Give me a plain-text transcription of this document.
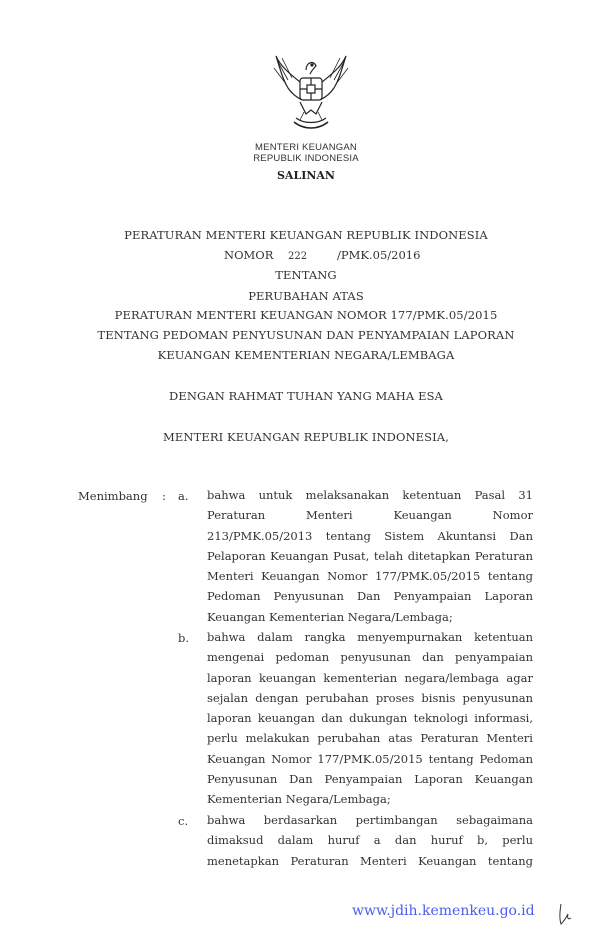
MENTERI KEUANGAN
REPUBLIK INDONESIA
SALINAN
PERATURAN MENTERI KEUANGAN REPUBLIK INDONESIA
NOMOR 222	/PMK.05/2016
TENTANG
PERUBAHAN ATAS
PERATURAN MENTERI KEUANGAN NOMOR 177/PMK.05/2015
TENTANG PEDOMAN PENYUSUNAN DAN PENYAMPAIAN LAPORAN
KEUANGAN KEMENTERIAN NEGARA/LEMBAGA
DENGAN RAHMAT TUHAN YANG MAHA ESA
MENTERI KEUANGAN REPUBLIK INDONESIA,
Menimbang : a. bahwa untuk melaksanakan ketentuan Pasal 31
Peraturan Menteri Keuangan Nomor
213/PMK.05/2013 tentang Sistem Akuntansi Dan
Pelaporan Keuangan Pusat, telah ditetapkan Peraturan
Menteri Keuangan Nomor 177/PMK.05/2015 tentang
Pedoman Penyusunan Dan Penyampaian Laporan
Keuangan Kementerian Negara/Lembaga;
b. bahwa dalam rangka menyempurnakan ketentuan
mengenai pedoman penyusunan dan penyampaian
laporan keuangan kementerian negara/lembaga agar
sejalan dengan perubahan proses bisnis penyusunan
laporan keuangan dan dukungan teknologi informasi,
perlu melakukan perubahan atas Peraturan Menteri
Keuangan Nomor 177/PMK.05/2015 tentang Pedoman
Penyusunan Dan Penyampaian Laporan Keuangan
Kementerian Negara/Lembaga;
c. bahwa berdasarkan pertimbangan sebagaimana
dimaksud dalam huruf a dan huruf b, perlu
menetapkan Peraturan Menteri Keuangan tentang
www.jdih.kemenkeu.go.id
